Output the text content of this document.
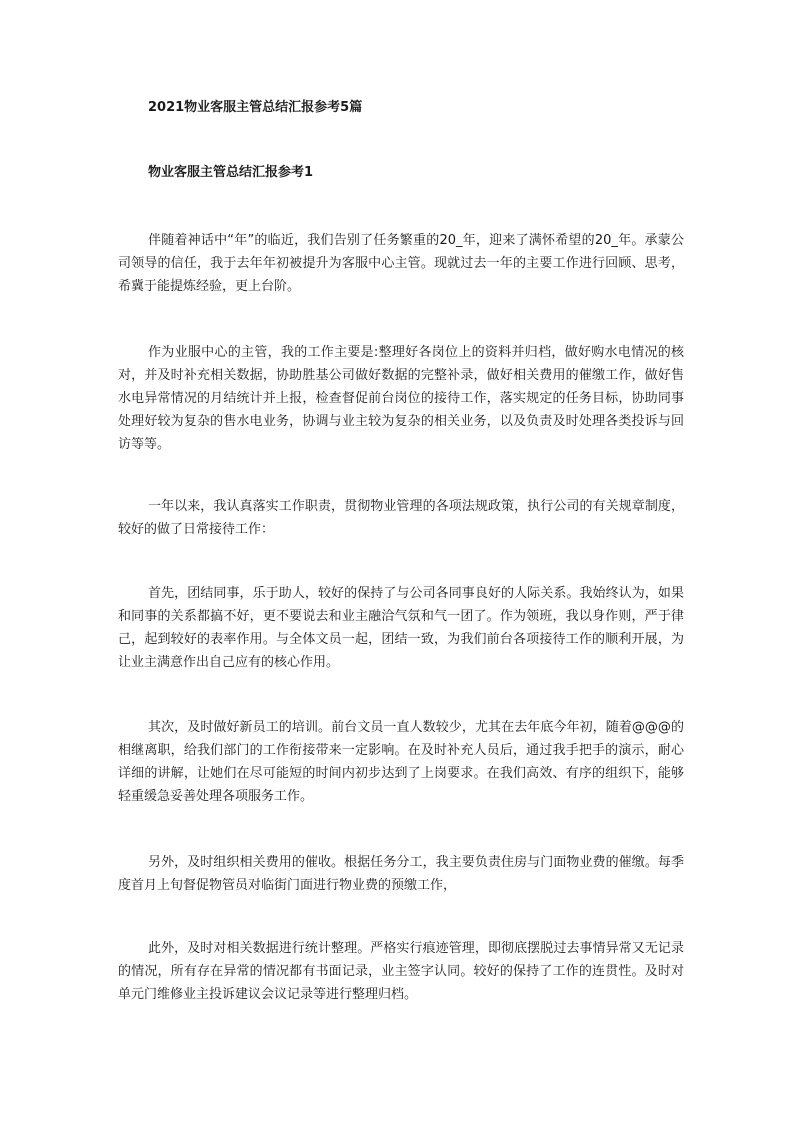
2021物业客服主管总结汇报参考5篇
物业客服主管总结汇报参考1

伴随着神话中“年”的临近，我们告别了任务繁重的20_年，迎来了满怀希望的20_年。承蒙公司领导的信任，我于去年年初被提升为客服中心主管。现就过去一年的主要工作进行回顾、思考，希冀于能提炼经验，更上台阶。

作为业服中心的主管，我的工作主要是:整理好各岗位上的资料并归档，做好购水电情况的核对，并及时补充相关数据，协助胜基公司做好数据的完整补录，做好相关费用的催缴工作，做好售水电异常情况的月结统计并上报，检查督促前台岗位的接待工作，落实规定的任务目标，协助同事处理好较为复杂的售水电业务，协调与业主较为复杂的相关业务，以及负责及时处理各类投诉与回访等等。

一年以来，我认真落实工作职责，贯彻物业管理的各项法规政策，执行公司的有关规章制度，较好的做了日常接待工作：

首先，团结同事，乐于助人，较好的保持了与公司各同事良好的人际关系。我始终认为，如果和同事的关系都搞不好，更不要说去和业主融洽气氛和气一团了。作为领班，我以身作则，严于律己，起到较好的表率作用。与全体文员一起，团结一致，为我们前台各项接待工作的顺利开展，为让业主满意作出自己应有的核心作用。

其次，及时做好新员工的培训。前台文员一直人数较少，尤其在去年底今年初，随着@@@的相继离职，给我们部门的工作衔接带来一定影响。在及时补充人员后，通过我手把手的演示，耐心详细的讲解，让她们在尽可能短的时间内初步达到了上岗要求。在我们高效、有序的组织下，能够轻重缓急妥善处理各项服务工作。

另外，及时组织相关费用的催收。根据任务分工，我主要负责住房与门面物业费的催缴。每季度首月上旬督促物管员对临街门面进行物业费的预缴工作，

此外，及时对相关数据进行统计整理。严格实行痕迹管理，即彻底摆脱过去事情异常又无记录的情况，所有存在异常的情况都有书面记录，业主签字认同。较好的保持了工作的连贯性。及时对单元门维修业主投诉建议会议记录等进行整理归档。
